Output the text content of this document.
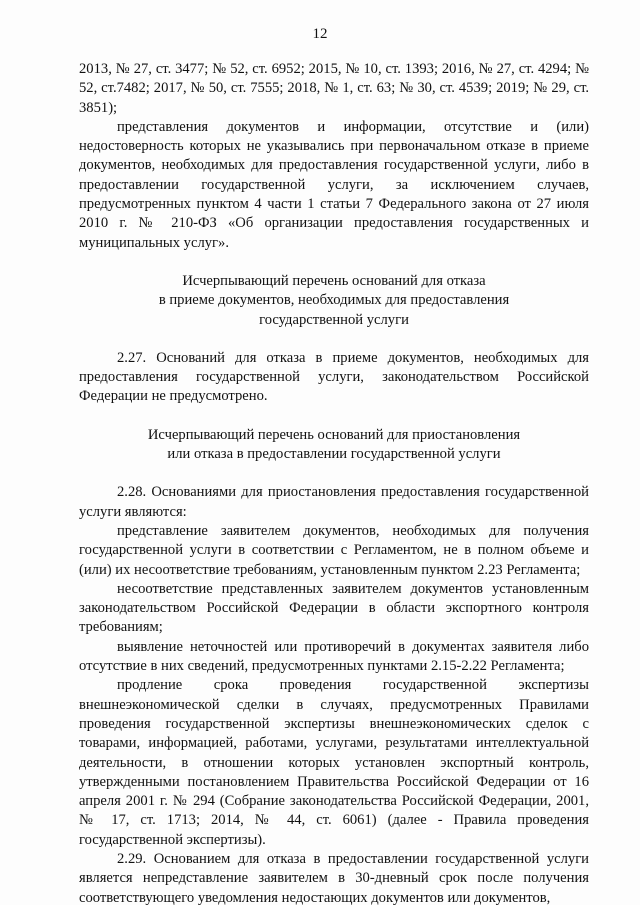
12

2013, № 27, ст. 3477; № 52, ст. 6952; 2015, № 10, ст. 1393; 2016, № 27, ст. 4294; № 52, ст.7482; 2017, № 50, ст. 7555; 2018, № 1, ст. 63; № 30, ст. 4539; 2019; № 29, ст. 3851);

представления документов и информации, отсутствие и (или) недостоверность которых не указывались при первоначальном отказе в приеме документов, необходимых для предоставления государственной услуги, либо в предоставлении государственной услуги, за исключением случаев, предусмотренных пунктом 4 части 1 статьи 7 Федерального закона от 27 июля 2010 г. № 210-ФЗ «Об организации предоставления государственных и муниципальных услуг».

Исчерпывающий перечень оснований для отказа
в приеме документов, необходимых для предоставления
государственной услуги

2.27. Оснований для отказа в приеме документов, необходимых для предоставления государственной услуги, законодательством Российской Федерации не предусмотрено.

Исчерпывающий перечень оснований для приостановления
или отказа в предоставлении государственной услуги

2.28. Основаниями для приостановления предоставления государственной услуги являются:

представление заявителем документов, необходимых для получения государственной услуги в соответствии с Регламентом, не в полном объеме и (или) их несоответствие требованиям, установленным пунктом 2.23 Регламента;

несоответствие представленных заявителем документов установленным законодательством Российской Федерации в области экспортного контроля требованиям;

выявление неточностей или противоречий в документах заявителя либо отсутствие в них сведений, предусмотренных пунктами 2.15-2.22 Регламента;

продление срока проведения государственной экспертизы внешнеэкономической сделки в случаях, предусмотренных Правилами проведения государственной экспертизы внешнеэкономических сделок с товарами, информацией, работами, услугами, результатами интеллектуальной деятельности, в отношении которых установлен экспортный контроль, утвержденными постановлением Правительства Российской Федерации от 16 апреля 2001 г. № 294 (Собрание законодательства Российской Федерации, 2001, № 17, ст. 1713; 2014, № 44, ст. 6061) (далее - Правила проведения государственной экспертизы).

2.29. Основанием для отказа в предоставлении государственной услуги является непредставление заявителем в 30-дневный срок после получения соответствующего уведомления недостающих документов или документов,
